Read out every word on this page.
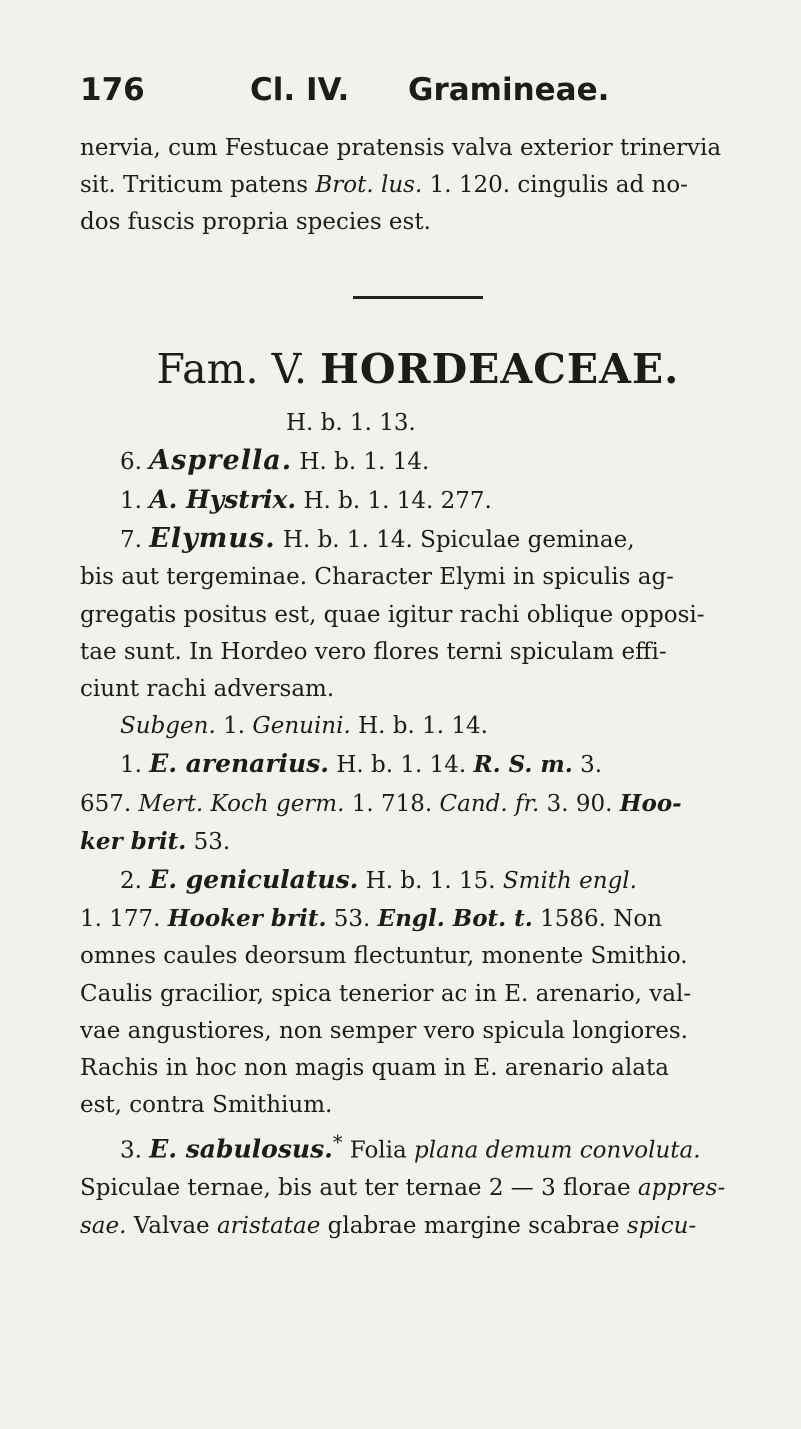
176	Cl. IV. Gramineae.

nervia, cum Festucae pratensis valva exterior trinervia

sit. Triticum patens Brot. lus. 1. 120. cingulis ad no-

dos fuscis propria species est.

Fam. V. HORDEACEAE.

H. b. 1. 13.

6. Asprella. H. b. 1. 14.

1. A. Hystrix. H. b. 1. 14. 277.

7. Elymus. H. b. 1. 14. Spiculae geminae,

bis aut tergeminae. Character Elymi in spiculis ag-

gregatis positus est, quae igitur rachi oblique opposi-

tae sunt. In Hordeo vero flores terni spiculam effi-

ciunt rachi adversam.

Subgen. 1. Genuini. H. b. 1. 14.

1. E. arenarius. H. b. 1. 14. R. S. m. 3.

657. Mert. Koch germ. 1. 718. Cand. fr. 3. 90. Hoo-

ker brit. 53.

2. E. geniculatus. H. b. 1. 15. Smith engl.

1. 177. Hooker brit. 53. Engl. Bot. t. 1586. Non

omnes caules deorsum flectuntur, monente Smithio.

Caulis gracilior, spica tenerior ac in E. arenario, val-

vae angustiores, non semper vero spicula longiores.

Rachis in hoc non magis quam in E. arenario alata

est, contra Smithium.

3. E. sabulosus.* Folia plana demum convoluta.

Spiculae ternae, bis aut ter ternae 2 — 3 florae appres-

sae. Valvae aristatae glabrae margine scabrae spicu-
